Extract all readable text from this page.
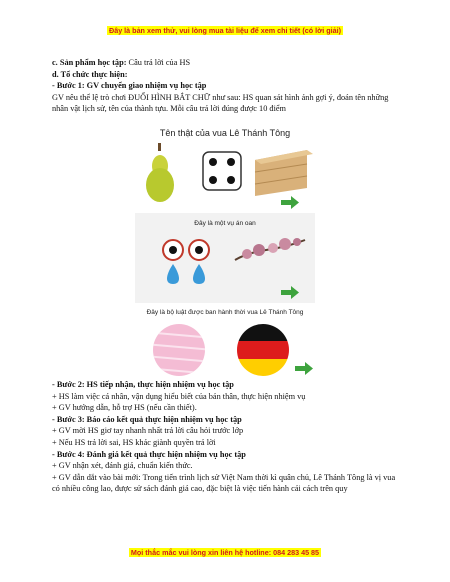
Đây là bản xem thử, vui lòng mua tài liệu để xem chi tiết (có lời giải)

c. Sản phẩm học tập: Câu trả lời của HS

d. Tổ chức thực hiện:

- Bước 1: GV chuyển giao nhiệm vụ học tập

GV nêu thể lệ trò chơi ĐUỔI HÌNH BẮT CHỮ như sau: HS quan sát hình ảnh gợi ý, đoán tên những nhân vật lịch sử, tên của thành tựu. Mỗi câu trả lời đúng được 10 điểm

Tên thật của vua Lê Thánh Tông
Đây là một vụ án oan
Đây là bộ luật được ban hành thời vua Lê Thánh Tông

- Bước 2: HS tiếp nhận, thực hiện nhiệm vụ học tập

+ HS làm việc cá nhân, vận dụng hiểu biết của bản thân, thực hiện nhiệm vụ

+ GV hướng dẫn, hỗ trợ HS (nếu cần thiết).

- Bước 3: Báo cáo kết quả thực hiện nhiệm vụ học tập

+ GV mời HS giơ tay nhanh nhất trả lời câu hỏi trước lớp

+ Nếu HS trả lời sai, HS khác giành quyền trả lời

- Bước 4: Đánh giá kết quả thực hiện nhiệm vụ học tập

+ GV nhận xét, đánh giá, chuẩn kiến thức.

+ GV dẫn dắt vào bài mới: Trong tiến trình lịch sử Việt Nam thời kì quân chủ, Lê Thánh Tông là vị vua có nhiều công lao, được sử sách đánh giá cao, đặc biệt là việc tiến hành cải cách trên quy

Mọi thắc mắc vui lòng xin liên hệ hotline: 084 283 45 85
